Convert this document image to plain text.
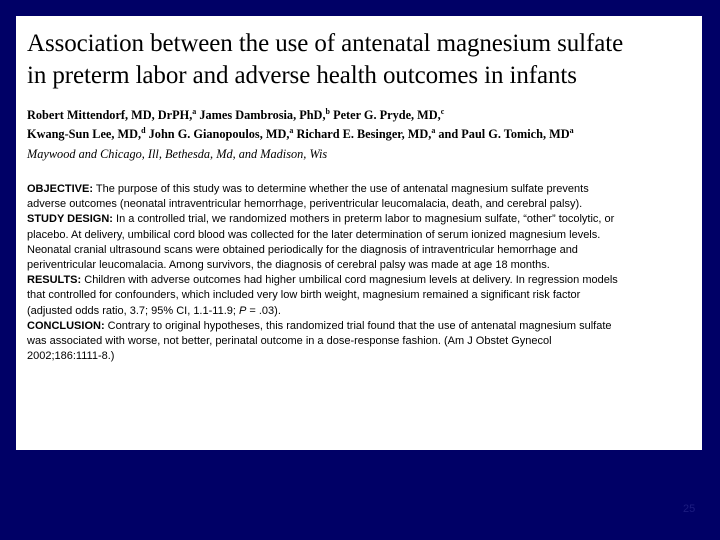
Association between the use of antenatal magnesium sulfate
in preterm labor and adverse health outcomes in infants
Robert Mittendorf, MD, DrPH,$^a$ James Dambrosia, PhD,$^b$ Peter G. Pryde, MD,$^c$
Kwang-Sun Lee, MD,$^d$ John G. Gianopoulos, MD,$^a$ Richard E. Besinger, MD,$^a$ and Paul G. Tomich, $MD^a$
Maywood and Chicago, Ill, Bethesda, Md, and Madison, Wis

OBJECTIVE: The purpose of this study was to determine whether the use of antenatal magnesium sulfate prevents adverse outcomes (neonatal intraventricular hemorrhage, periventricular leucomalacia, death, and cerebral palsy).

STUDY DESIGN: In a controlled trial, we randomized mothers in preterm labor to magnesium sulfate, “other” tocolytic, or placebo. At delivery, umbilical cord blood was collected for the later determination of serum ionized magnesium levels. Neonatal cranial ultrasound scans were obtained periodically for the diagnosis of intraventricular hemorrhage and periventricular leucomalacia. Among survivors, the diagnosis of cerebral palsy was made at age 18 months.

RESULTS: Children with adverse outcomes had higher umbilical cord magnesium levels at delivery. In regression models that controlled for confounders, which included very low birth weight, magnesium remained a significant risk factor (adjusted odds ratio, 3.7; 95% CI, 1.1-11.9; P = .03).

CONCLUSION: Contrary to original hypotheses, this randomized trial found that the use of antenatal magnesium sulfate was associated with worse, not better, perinatal outcome in a dose-response fashion. (Am J Obstet Gynecol 2002;186:1111-8.)

25
